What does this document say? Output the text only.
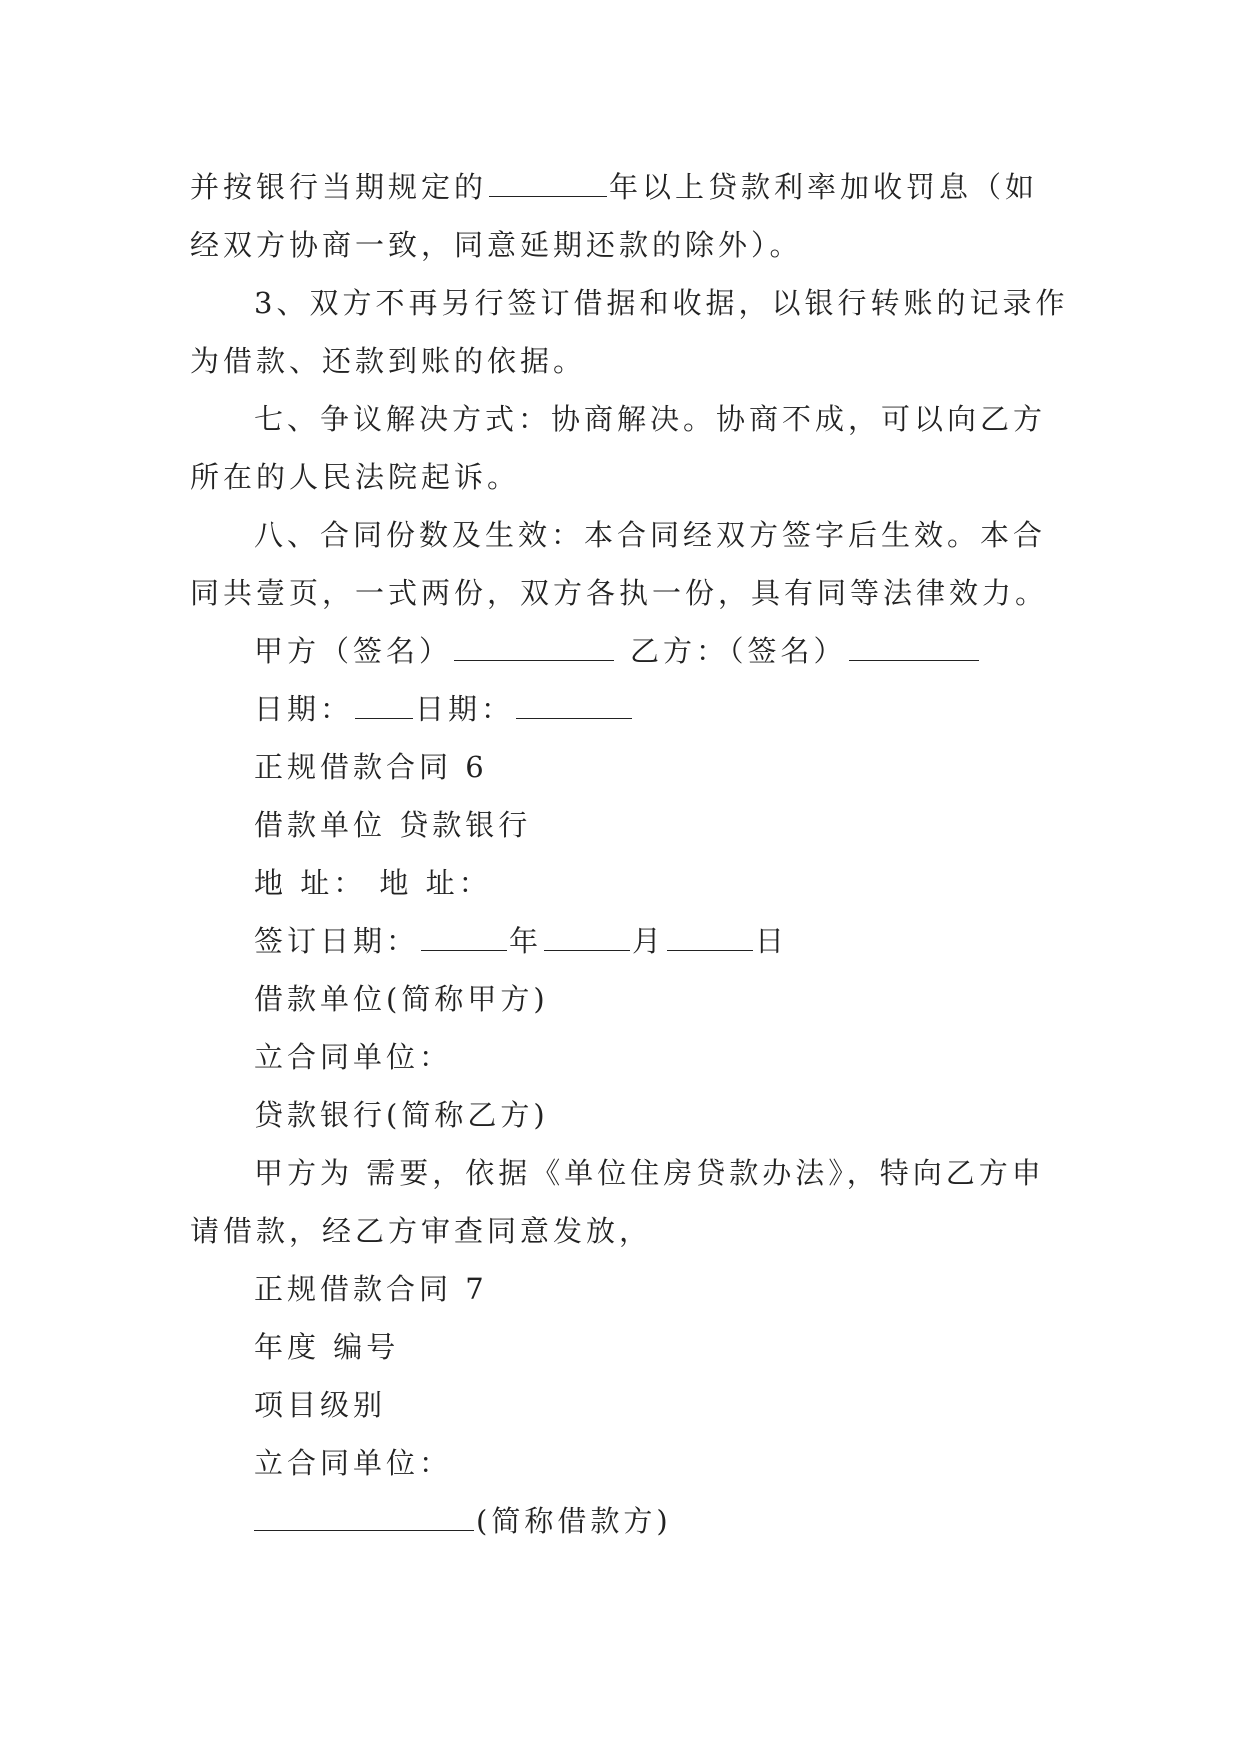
并按银行当期规定的	年以上贷款利率加收罚息（如经双方协商一致，同意延期还款的除外）。

3、双方不再另行签订借据和收据，以银行转账的记录作为借款、还款到账的依据。

七、争议解决方式：协商解决。协商不成，可以向乙方所在的人民法院起诉。

八、合同份数及生效：本合同经双方签字后生效。本合同共壹页，一式两份，双方各执一份，具有同等法律效力。

甲方（签名）	乙方：（签名）

日期： 日期：

正规借款合同 6

借款单位 贷款银行

地 址： 地 址：

签订日期：	年	月	日

借款单位(简称甲方)

立合同单位：

贷款银行(简称乙方)

甲方为 需要，依据《单位住房贷款办法》，特向乙方申请借款，经乙方审查同意发放，

正规借款合同 7

年度 编号

项目级别

立合同单位：

(简称借款方)
